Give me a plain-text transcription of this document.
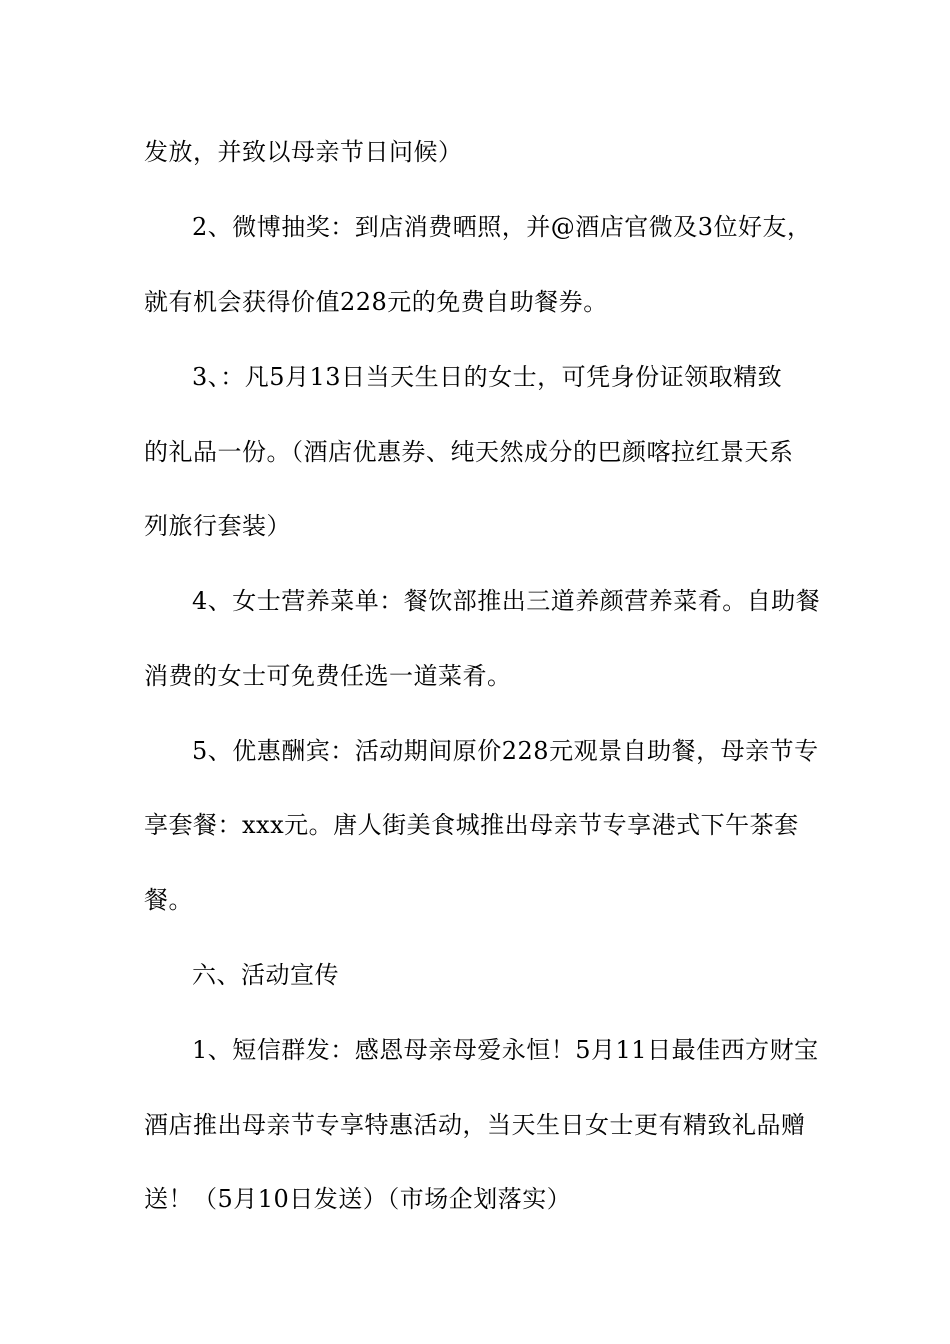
发放，并致以母亲节日问候）
2、微博抽奖：到店消费晒照，并@酒店官微及3位好友，
就有机会获得价值228元的免费自助餐券。
3、：凡5月13日当天生日的女士，可凭身份证领取精致
的礼品一份。（酒店优惠券、纯天然成分的巴颜喀拉红景天系
列旅行套装）
4、女士营养菜单：餐饮部推出三道养颜营养菜肴。自助餐
消费的女士可免费任选一道菜肴。
5、优惠酬宾：活动期间原价228元观景自助餐，母亲节专
享套餐：xxx元。唐人街美食城推出母亲节专享港式下午茶套
餐。
六、活动宣传
1、短信群发：感恩母亲母爱永恒！5月11日最佳西方财宝
酒店推出母亲节专享特惠活动，当天生日女士更有精致礼品赠
送！（5月10日发送）（市场企划落实）
